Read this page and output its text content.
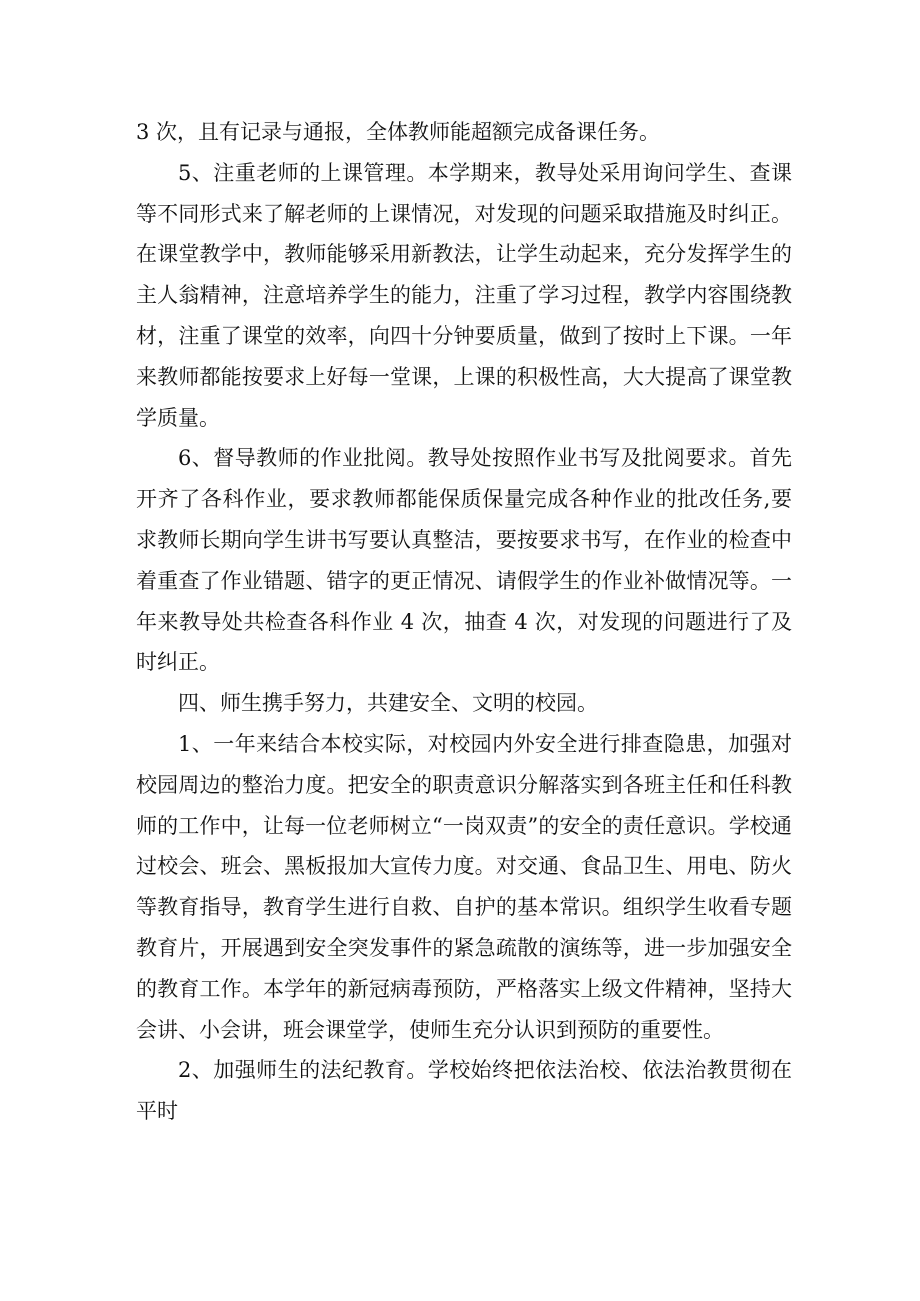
3 次，且有记录与通报，全体教师能超额完成备课任务。

5、注重老师的上课管理。本学期来，教导处采用询问学生、查课等不同形式来了解老师的上课情况，对发现的问题采取措施及时纠正。在课堂教学中，教师能够采用新教法，让学生动起来，充分发挥学生的主人翁精神，注意培养学生的能力，注重了学习过程，教学内容围绕教材，注重了课堂的效率，向四十分钟要质量，做到了按时上下课。一年来教师都能按要求上好每一堂课，上课的积极性高，大大提高了课堂教学质量。

6、督导教师的作业批阅。教导处按照作业书写及批阅要求。首先开齐了各科作业，要求教师都能保质保量完成各种作业的批改任务,要求教师长期向学生讲书写要认真整洁，要按要求书写，在作业的检查中着重查了作业错题、错字的更正情况、请假学生的作业补做情况等。一年来教导处共检查各科作业 4 次，抽查 4 次，对发现的问题进行了及时纠正。

四、师生携手努力，共建安全、文明的校园。

1、一年来结合本校实际，对校园内外安全进行排查隐患，加强对校园周边的整治力度。把安全的职责意识分解落实到各班主任和任科教师的工作中，让每一位老师树立“一岗双责”的安全的责任意识。学校通过校会、班会、黑板报加大宣传力度。对交通、食品卫生、用电、防火等教育指导，教育学生进行自救、自护的基本常识。组织学生收看专题教育片，开展遇到安全突发事件的紧急疏散的演练等，进一步加强安全的教育工作。本学年的新冠病毒预防，严格落实上级文件精神，坚持大会讲、小会讲，班会课堂学，使师生充分认识到预防的重要性。

2、加强师生的法纪教育。学校始终把依法治校、依法治教贯彻在平时
